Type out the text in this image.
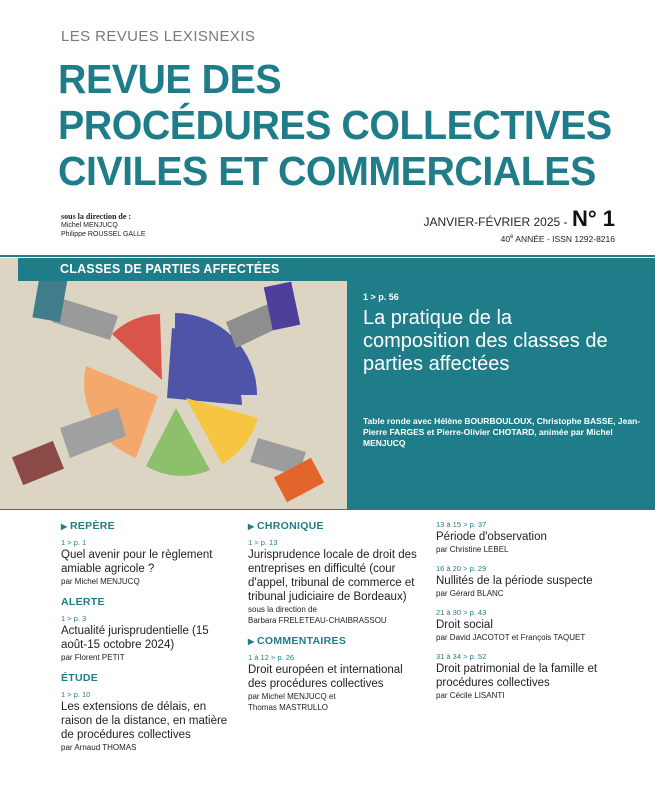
LES REVUES LEXISNEXIS
REVUE DES
PROCÉDURES COLLECTIVES
CIVILES ET COMMERCIALES
sous la direction de :
Michel MENJUCQ
Philippe ROUSSEL GALLE
JANVIER-FÉVRIER 2025 - N° 1
40e ANNÉE - ISSN 1292-8216
CLASSES DE PARTIES AFFECTÉES
1 > p. 56
La pratique de la composition des classes de parties affectées
Table ronde avec Hélène BOURBOULOUX, Christophe BASSE, Jean-Pierre FARGES et Pierre-Olivier CHOTARD, animée par Michel MENJUCQ
▶ REPÈRE
1 > p. 1
Quel avenir pour le règlement amiable agricole ?
par Michel MENJUCQ
ALERTE
1 > p. 3
Actualité jurisprudentielle (15 août-15 octobre 2024)
par Florent PETIT
ÉTUDE
1 > p. 10
Les extensions de délais, en raison de la distance, en matière de procédures collectives
par Arnaud THOMAS
▶ CHRONIQUE
1 > p. 13
Jurisprudence locale de droit des entreprises en difficulté (cour d'appel, tribunal de commerce et tribunal judiciaire de Bordeaux)
sous la direction de
Barbara FRELETEAU-CHAIBRASSOU
▶ COMMENTAIRES
1 à 12 > p. 26
Droit européen et international des procédures collectives
par Michel MENJUCQ et
Thomas MASTRULLO
13 à 15 > p. 37
Période d'observation
par Christine LEBEL
16 à 20 > p. 29
Nullités de la période suspecte
par Gérard BLANC
21 à 30 > p. 43
Droit social
par David JACOTOT et François TAQUET
31 à 34 > p. 52
Droit patrimonial de la famille et procédures collectives
par Cécile LISANTI
